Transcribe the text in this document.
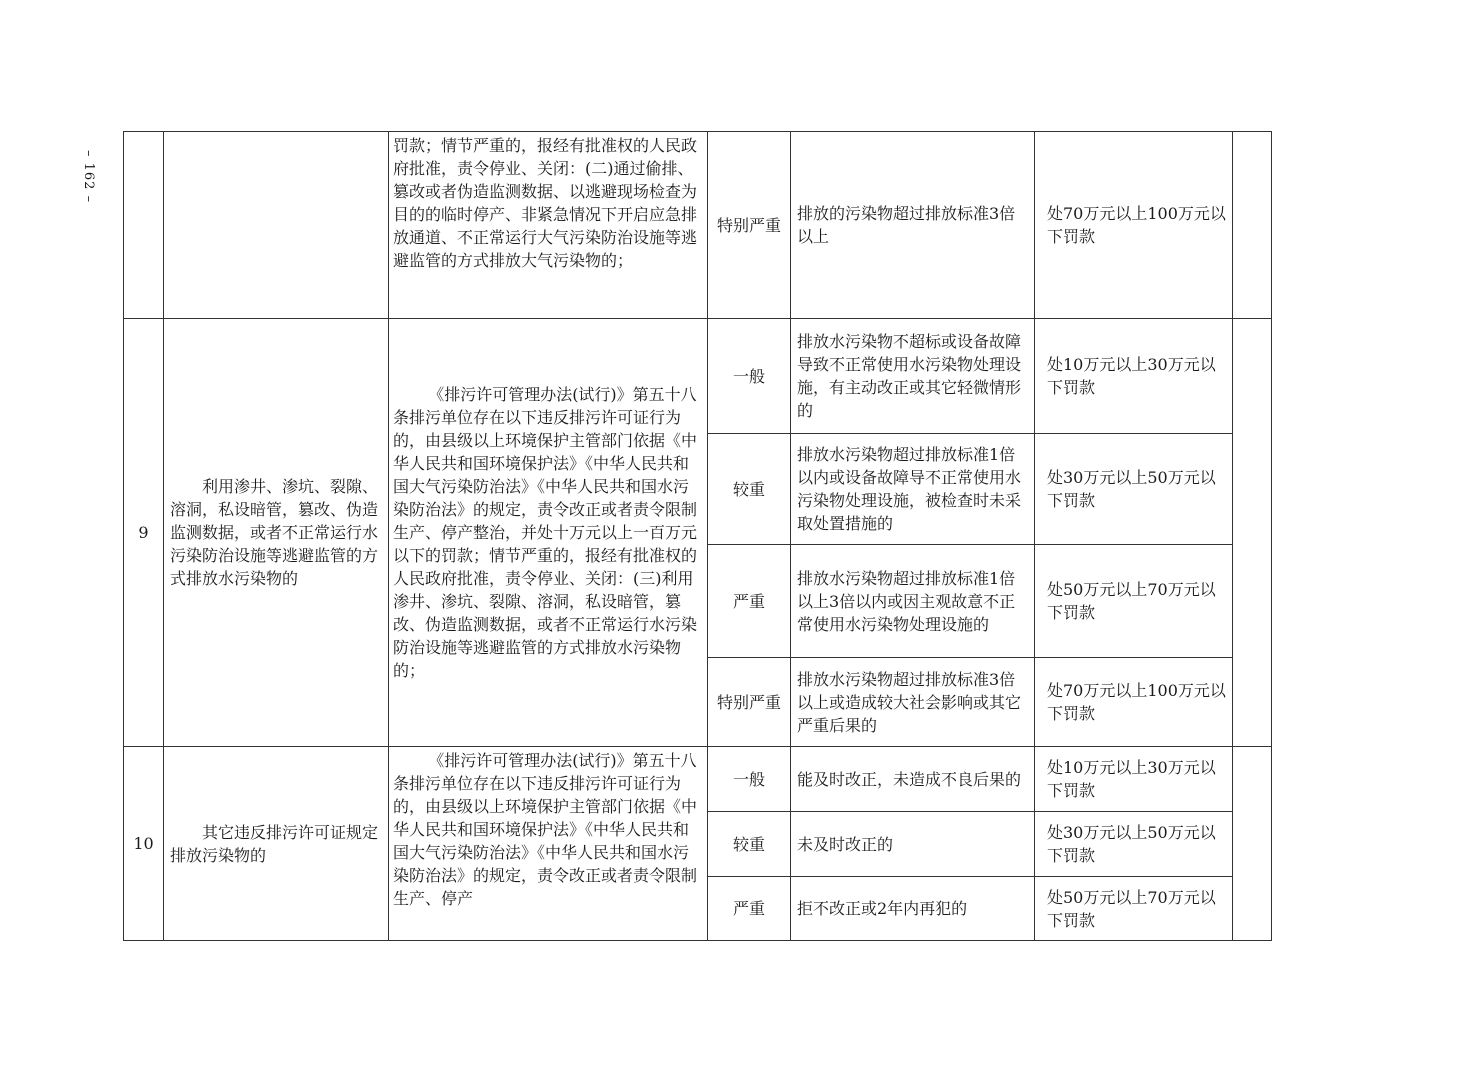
– 162 –
		罚款；情节严重的，报经有批准权的人民政府批准，责令停业、关闭：(二)通过偷排、篡改或者伪造监测数据、以逃避现场检查为目的的临时停产、非紧急情况下开启应急排放通道、不正常运行大气污染防治设施等逃避监管的方式排放大气污染物的；	特别严重	排放的污染物超过排放标准3倍以上	处70万元以上100万元以下罚款	
9	利用渗井、渗坑、裂隙、溶洞，私设暗管，篡改、伪造监测数据，或者不正常运行水污染防治设施等逃避监管的方式排放水污染物的	《排污许可管理办法(试行)》第五十八条排污单位存在以下违反排污许可证行为的，由县级以上环境保护主管部门依据《中华人民共和国环境保护法》《中华人民共和国大气污染防治法》《中华人民共和国水污染防治法》的规定，责令改正或者责令限制生产、停产整治，并处十万元以上一百万元以下的罚款；情节严重的，报经有批准权的人民政府批准，责令停业、关闭：(三)利用渗井、渗坑、裂隙、溶洞，私设暗管，篡改、伪造监测数据，或者不正常运行水污染防治设施等逃避监管的方式排放水污染物的；	一般	排放水污染物不超标或设备故障导致不正常使用水污染物处理设施，有主动改正或其它轻微情形的	处10万元以上30万元以下罚款	
			较重	排放水污染物超过排放标准1倍以内或设备故障导不正常使用水污染物处理设施，被检查时未采取处置措施的	处30万元以上50万元以下罚款	
			严重	排放水污染物超过排放标准1倍以上3倍以内或因主观故意不正常使用水污染物处理设施的	处50万元以上70万元以下罚款	
			特别严重	排放水污染物超过排放标准3倍以上或造成较大社会影响或其它严重后果的	处70万元以上100万元以下罚款	
10	其它违反排污许可证规定排放污染物的	《排污许可管理办法(试行)》第五十八条排污单位存在以下违反排污许可证行为的，由县级以上环境保护主管部门依据《中华人民共和国环境保护法》《中华人民共和国大气污染防治法》《中华人民共和国水污染防治法》的规定，责令改正或者责令限制生产、停产	一般	能及时改正，未造成不良后果的	处10万元以上30万元以下罚款	
			较重	未及时改正的	处30万元以上50万元以下罚款	
			严重	拒不改正或2年内再犯的	处50万元以上70万元以下罚款	
